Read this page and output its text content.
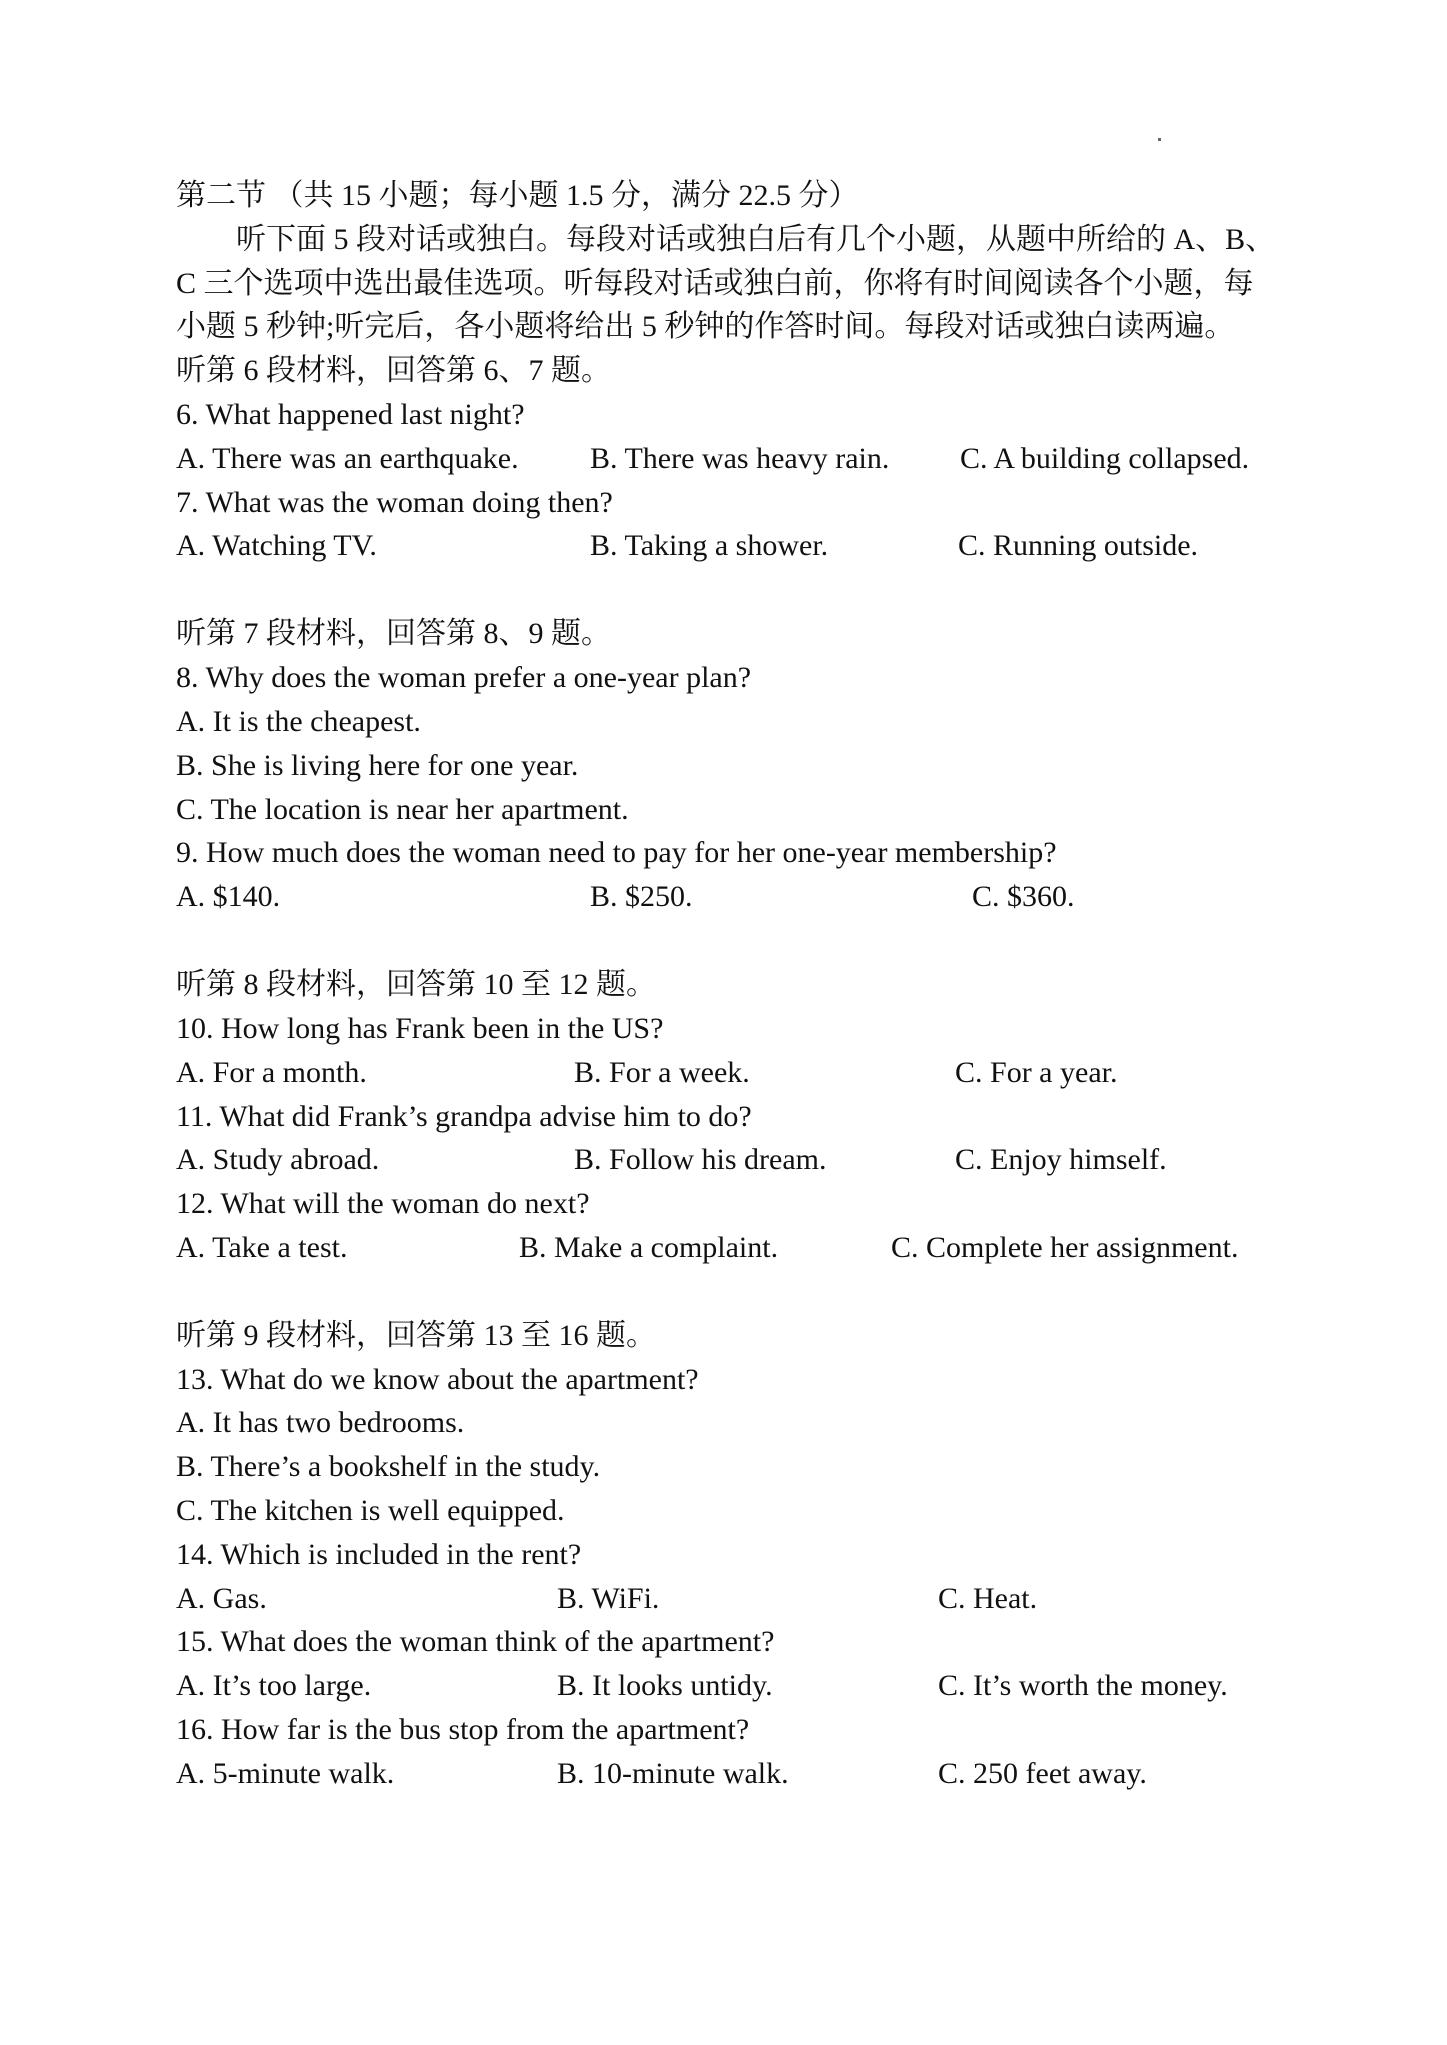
第二节 （共 15 小题；每小题 1.5 分，满分 22.5 分）
听下面 5 段对话或独白。每段对话或独白后有几个小题，从题中所给的 A、B、
C 三个选项中选出最佳选项。听每段对话或独白前，你将有时间阅读各个小题，每
小题 5 秒钟;听完后，各小题将给出 5 秒钟的作答时间。每段对话或独白读两遍。
听第 6 段材料，回答第 6、7 题。
6. What happened last night?
A. There was an earthquake. B. There was heavy rain. C. A building collapsed.
7. What was the woman doing then?
A. Watching TV.	B. Taking a shower.	C. Running outside.
听第 7 段材料，回答第 8、9 题。
8. Why does the woman prefer a one-year plan?
A. It is the cheapest.
B. She is living here for one year.
C. The location is near her apartment.
9. How much does the woman need to pay for her one-year membership?
A. $140.	B. $250.	C. $360.
听第 8 段材料，回答第 10 至 12 题。
10. How long has Frank been in the US?
A. For a month.	B. For a week.	C. For a year.
11. What did Frank’s grandpa advise him to do?
A. Study abroad.	B. Follow his dream.	C. Enjoy himself.
12. What will the woman do next?
A. Take a test.	B. Make a complaint.	C. Complete her assignment.
听第 9 段材料，回答第 13 至 16 题。
13. What do we know about the apartment?
A. It has two bedrooms.
B. There’s a bookshelf in the study.
C. The kitchen is well equipped.
14. Which is included in the rent?
A. Gas.	B. WiFi.	C. Heat.
15. What does the woman think of the apartment?
A. It’s too large.	B. It looks untidy.	C. It’s worth the money.
16. How far is the bus stop from the apartment?
A. 5-minute walk.	B. 10-minute walk.	C. 250 feet away.
